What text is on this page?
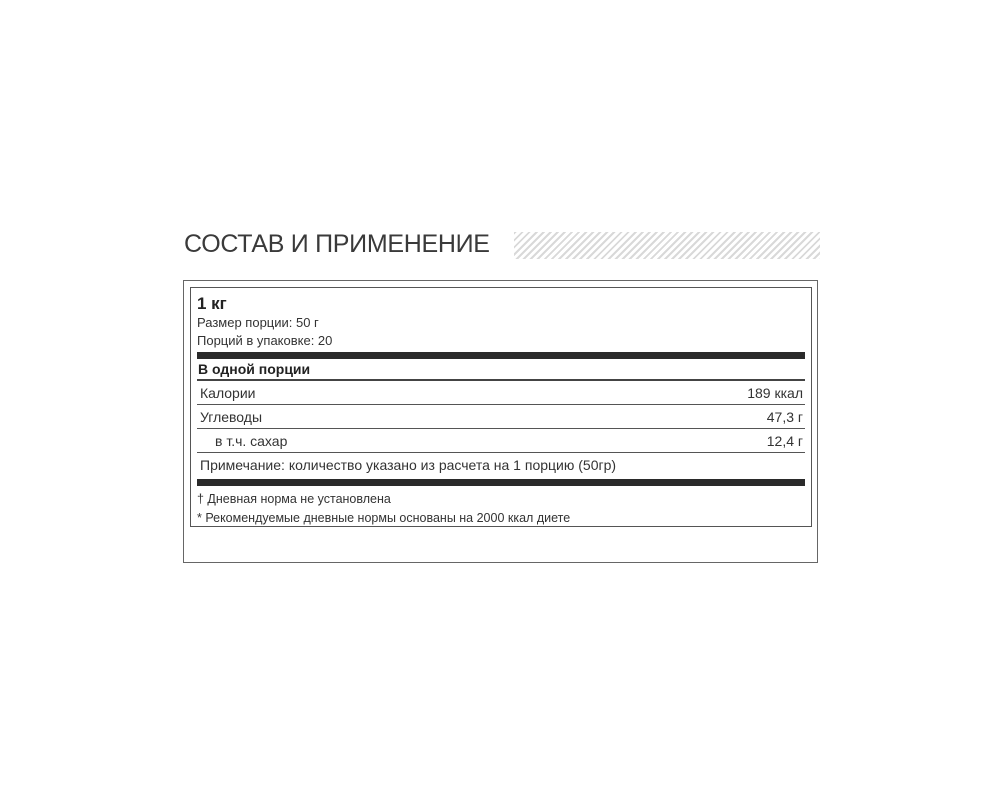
СОСТАВ И ПРИМЕНЕНИЕ
1 кг
Размер порции: 50 г
Порций в упаковке: 20
В одной порции
Калории	189 ккал
Углеводы	47,3 г
в т.ч. сахар	12,4 г
Примечание: количество указано из расчета на 1 порцию (50гр)
† Дневная норма не установлена
* Рекомендуемые дневные нормы основаны на 2000 ккал диете
